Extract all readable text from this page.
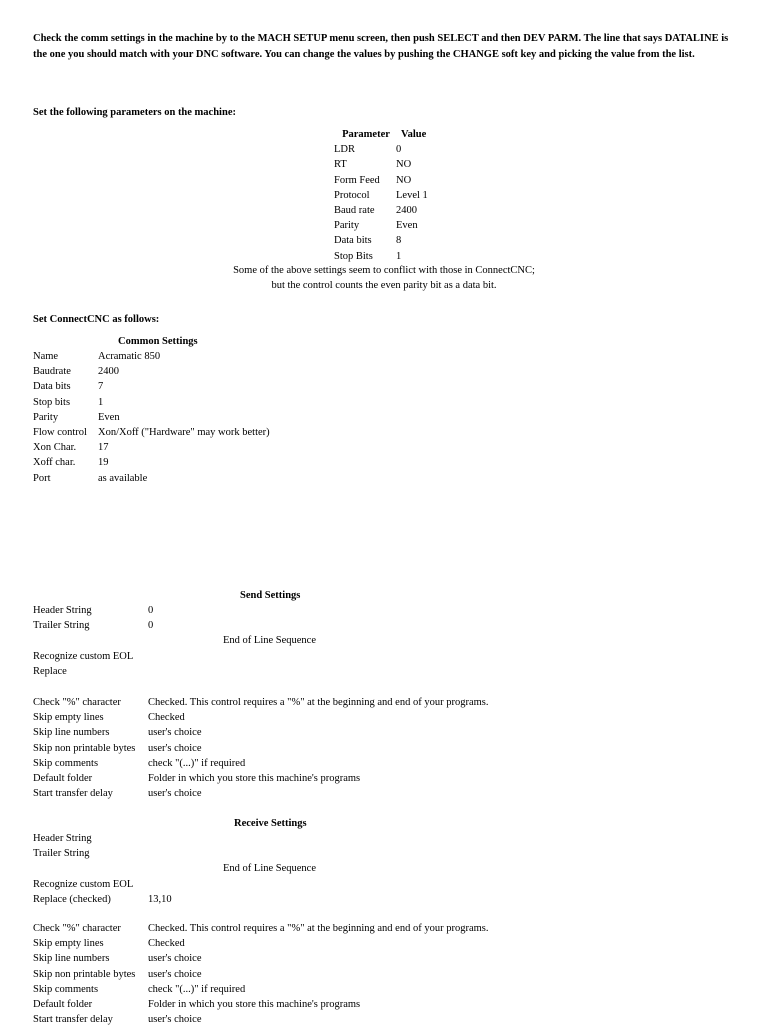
Check the comm settings in the machine by to the MACH SETUP menu screen, then push SELECT and then DEV PARM. The line that says DATALINE is the one you should match with your DNC software. You can change the values by pushing the CHANGE soft key and picking the value from the list.
Set the following parameters on the machine:
Parameter	Value
LDR	0
RT	NO
Form Feed	NO
Protocol	Level 1
Baud rate	2400
Parity	Even
Data bits	8
Stop Bits	1
Some of the above settings seem to conflict with those in ConnectCNC;
but the control counts the even parity bit as a data bit.
Set ConnectCNC as follows:
Common Settings
Name	Acramatic 850
Baudrate	2400
Data bits	7
Stop bits	1
Parity	Even
Flow control	Xon/Xoff ("Hardware" may work better)
Xon Char.	17
Xoff char.	19
Port	as available
Send Settings
Header String	0
Trailer String	0
End of Line Sequence
Recognize custom EOL	
Replace	
Check "%" character	Checked. This control requires a "%" at the beginning and end of your programs.
Skip empty lines	Checked
Skip line numbers	user's choice
Skip non printable bytes	user's choice
Skip comments	check "(...)" if required
Default folder	Folder in which you store this machine's programs
Start transfer delay	user's choice
Receive Settings
Header String	
Trailer String	
End of Line Sequence
Recognize custom EOL	
Replace (checked)	13,10
Check "%" character	Checked. This control requires a "%" at the beginning and end of your programs.
Skip empty lines	Checked
Skip line numbers	user's choice
Skip non printable bytes	user's choice
Skip comments	check "(...)" if required
Default folder	Folder in which you store this machine's programs
Start transfer delay	user's choice
